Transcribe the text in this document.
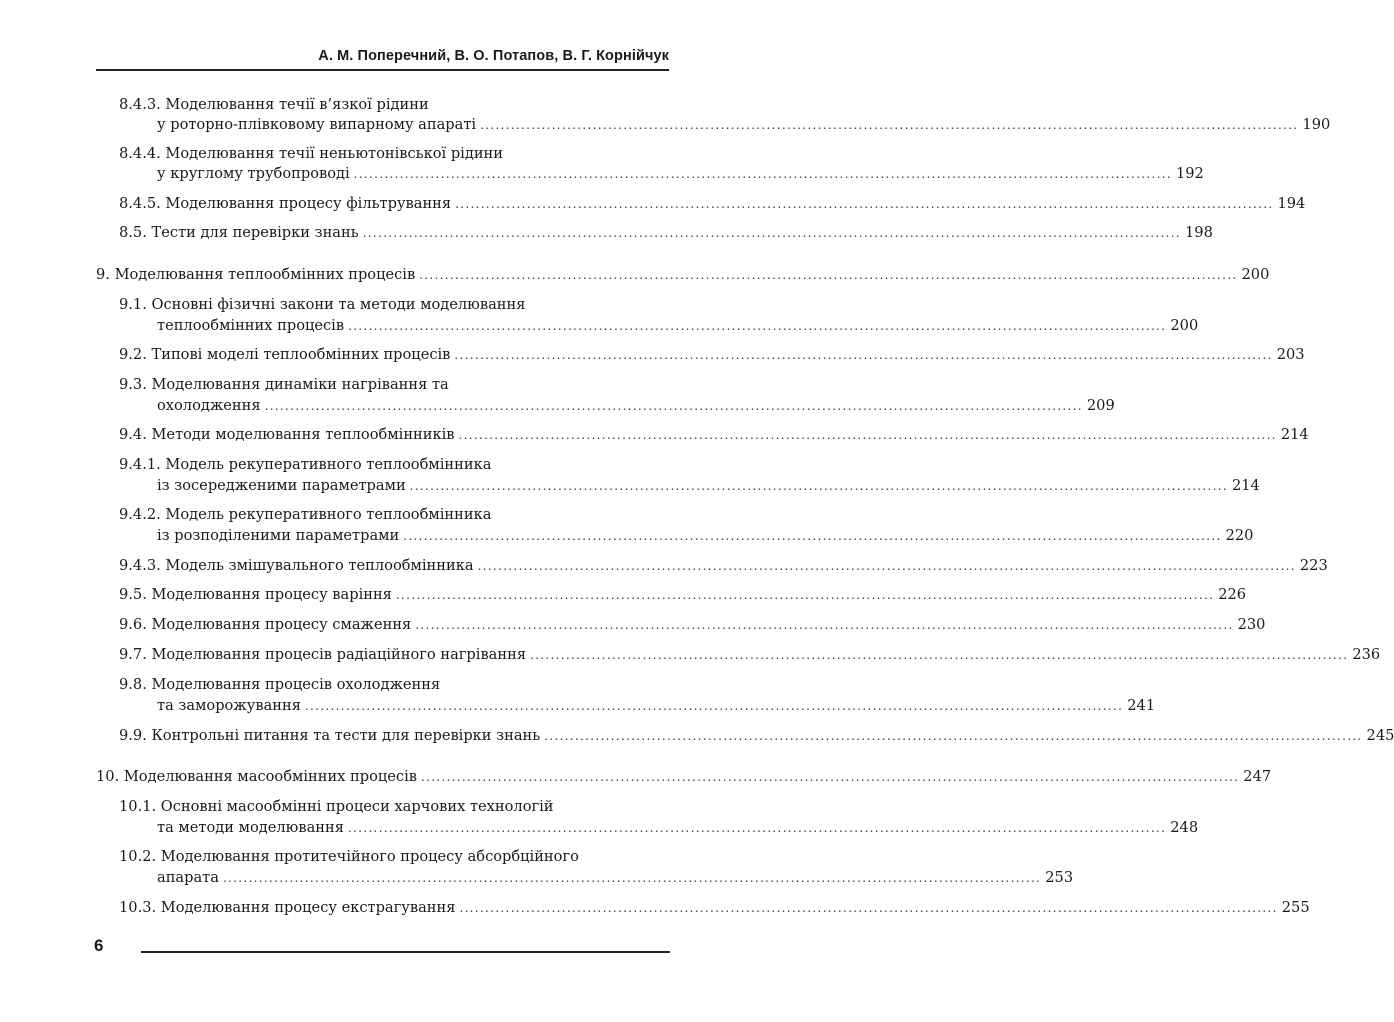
А. М. Поперечний, В. О. Потапов, В. Г. Корнійчук
8.4.3. Моделювання течії в’язкої рідини
у роторно-плівковому випарному апараті ................................................................................................................................................................ 190
8.4.4. Моделювання течії неньютонівської рідини
у круглому трубопроводі ................................................................................................................................................................ 192
8.4.5. Моделювання процесу фільтрування ................................................................................................................................................................ 194
8.5. Тести для перевірки знань ................................................................................................................................................................ 198
9. Моделювання теплообмінних процесів ................................................................................................................................................................ 200
9.1. Основні фізичні закони та методи моделювання
теплообмінних процесів ................................................................................................................................................................ 200
9.2. Типові моделі теплообмінних процесів ................................................................................................................................................................ 203
9.3. Моделювання динаміки нагрівання та
охолодження ................................................................................................................................................................ 209
9.4. Методи моделювання теплообмінників ................................................................................................................................................................ 214
9.4.1. Модель рекуперативного теплообмінника
із зосередженими параметрами ................................................................................................................................................................ 214
9.4.2. Модель рекуперативного теплообмінника
із розподіленими параметрами ................................................................................................................................................................ 220
9.4.3. Модель змішувального теплообмінника ................................................................................................................................................................ 223
9.5. Моделювання процесу варіння ................................................................................................................................................................ 226
9.6. Моделювання процесу смаження ................................................................................................................................................................ 230
9.7. Моделювання процесів радіаційного нагрівання ................................................................................................................................................................ 236
9.8. Моделювання процесів охолодження
та заморожування ................................................................................................................................................................ 241
9.9. Контрольні питання та тести для перевірки знань ................................................................................................................................................................ 245
10. Моделювання масообмінних процесів ................................................................................................................................................................ 247
10.1. Основні масообмінні процеси харчових технологій
та методи моделювання ................................................................................................................................................................ 248
10.2. Моделювання протитечійного процесу абсорбційного
апарата ................................................................................................................................................................ 253
10.3. Моделювання процесу екстрагування ................................................................................................................................................................ 255
6
